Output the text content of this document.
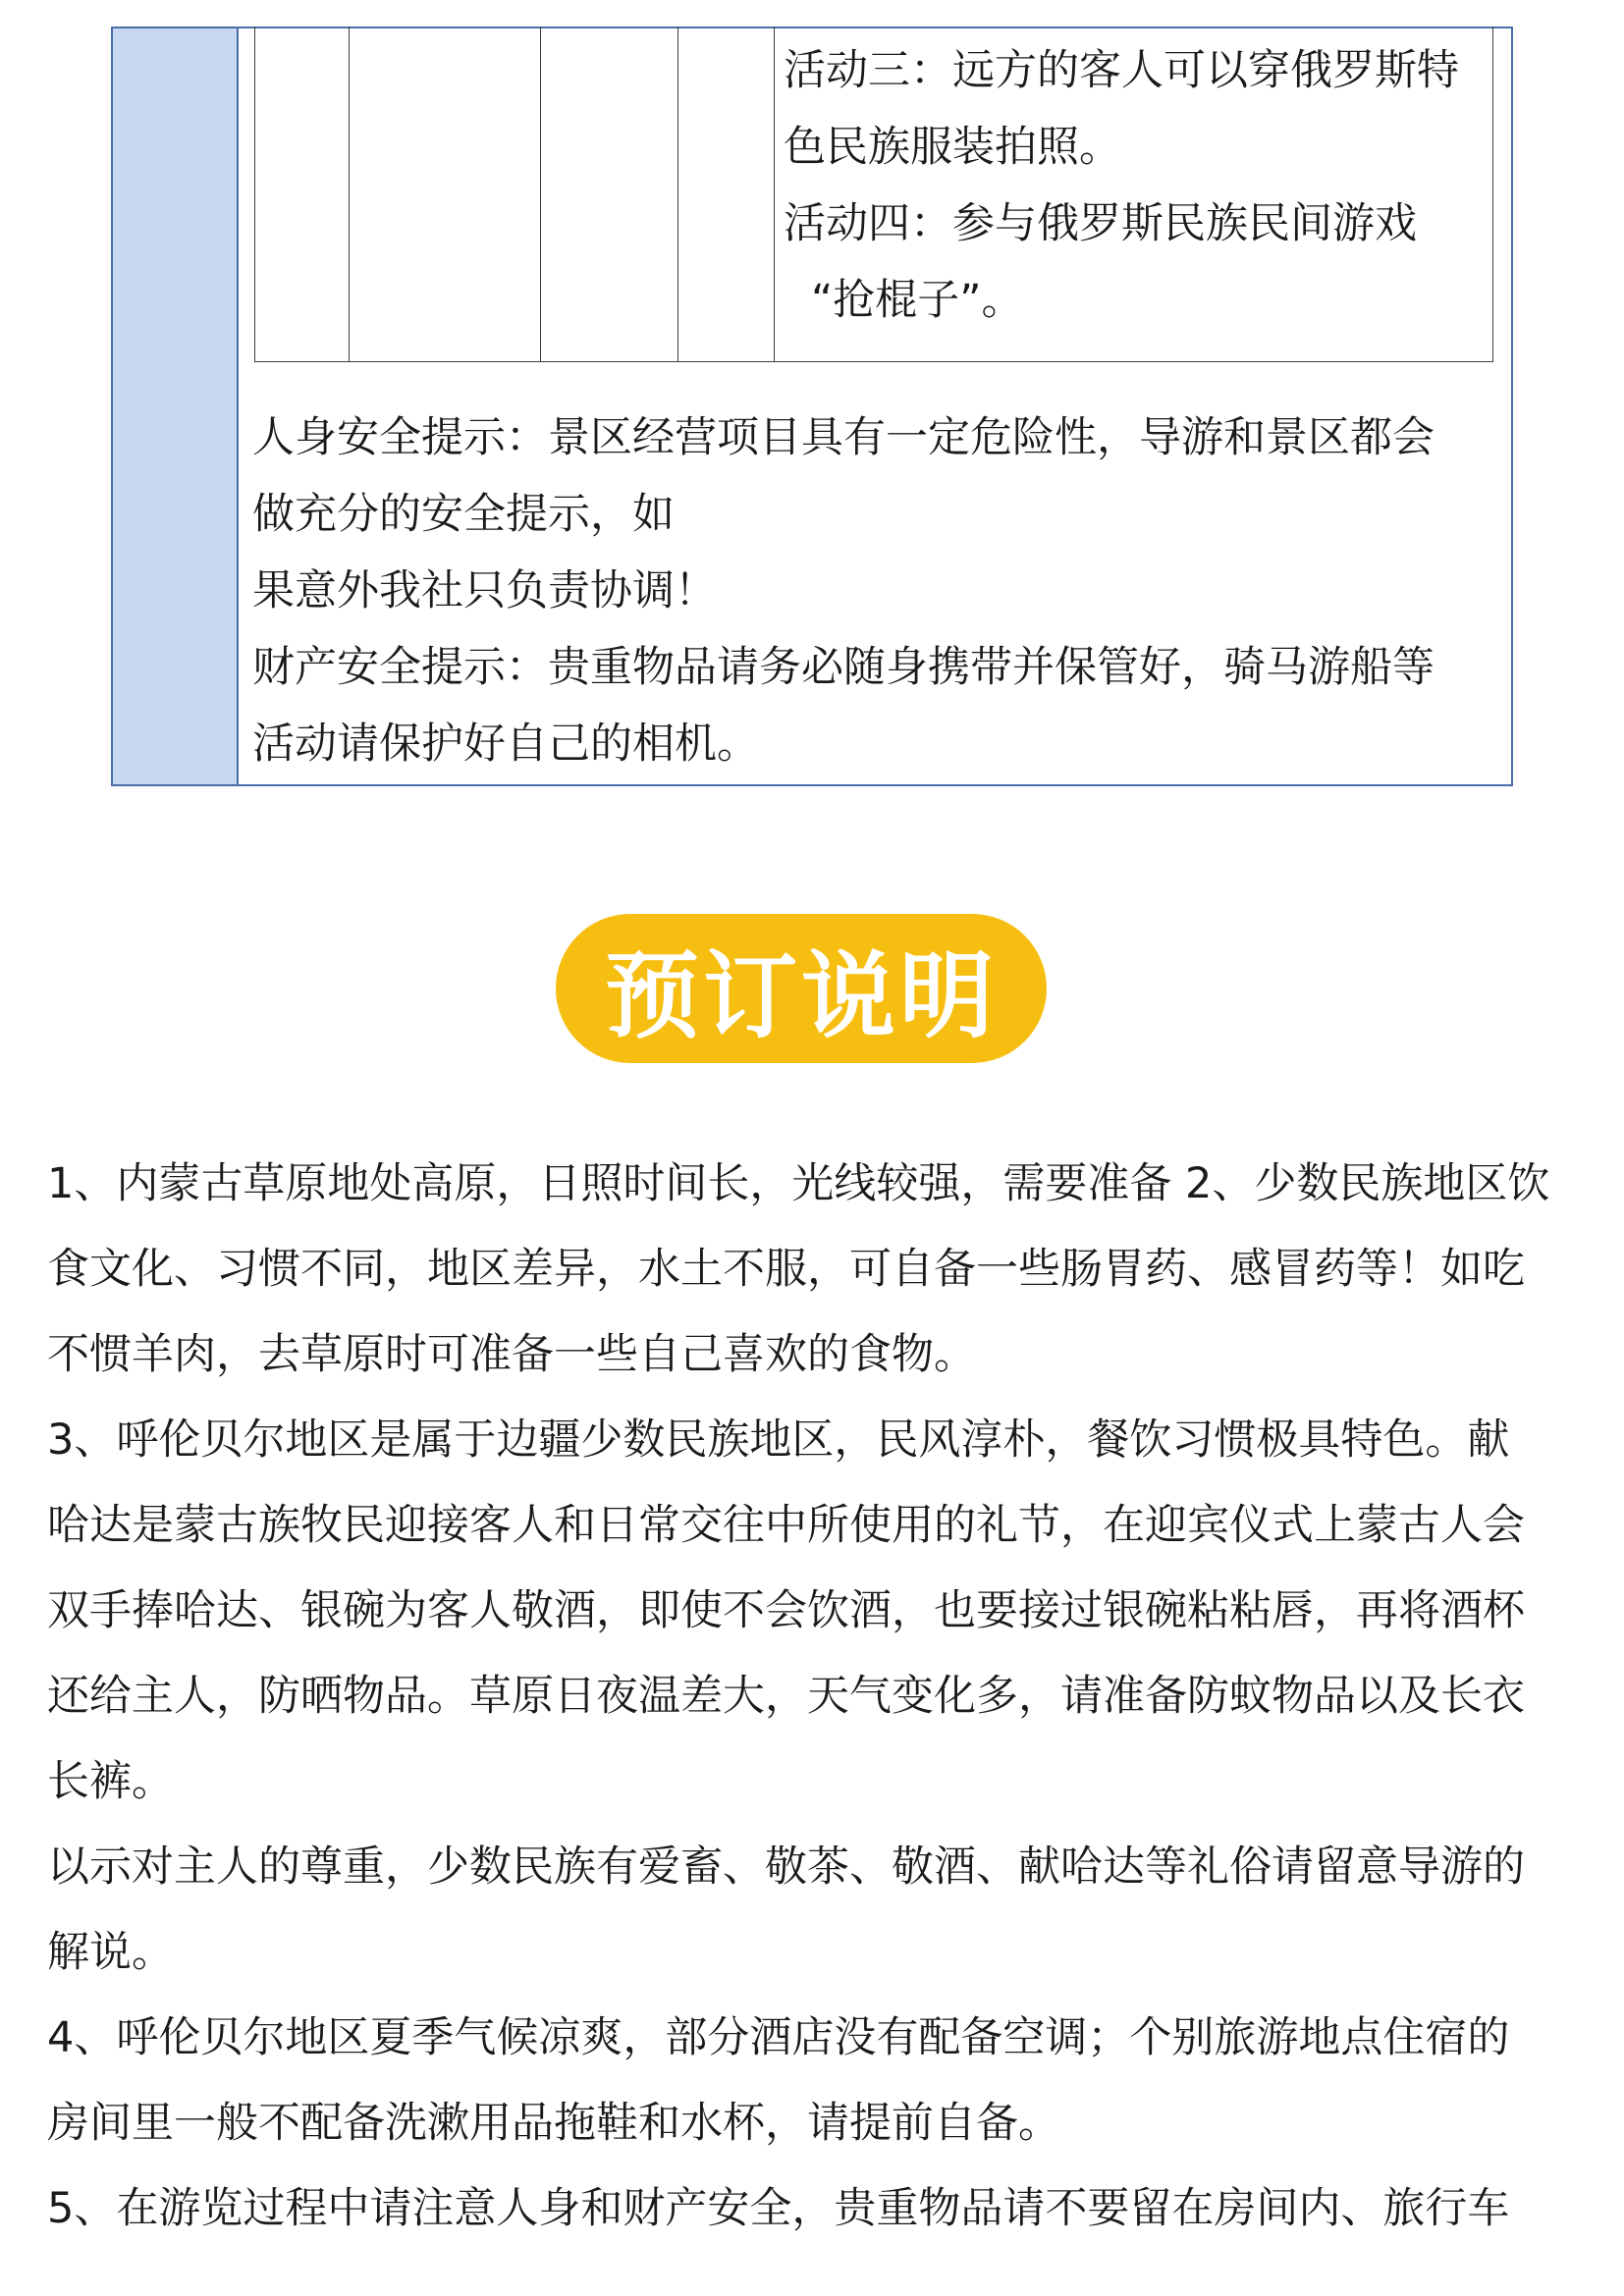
活动三：远方的客人可以穿俄罗斯特

色民族服装拍照。

活动四：参与俄罗斯民族民间游戏

“抢棍子”。

人身安全提示：景区经营项目具有一定危险性，导游和景区都会

做充分的安全提示，如

果意外我社只负责协调！

财产安全提示：贵重物品请务必随身携带并保管好，骑马游船等

活动请保护好自己的相机。

预订说明

1、内蒙古草原地处高原，日照时间长，光线较强，需要准备 2、少数民族地区饮

食文化、习惯不同，地区差异，水土不服，可自备一些肠胃药、感冒药等！如吃

不惯羊肉，去草原时可准备一些自己喜欢的食物。

3、呼伦贝尔地区是属于边疆少数民族地区，民风淳朴，餐饮习惯极具特色。献

哈达是蒙古族牧民迎接客人和日常交往中所使用的礼节，在迎宾仪式上蒙古人会

双手捧哈达、银碗为客人敬酒，即使不会饮酒，也要接过银碗粘粘唇，再将酒杯

还给主人，防晒物品。草原日夜温差大，天气变化多，请准备防蚊物品以及长衣

长裤。

以示对主人的尊重，少数民族有爱畜、敬茶、敬酒、献哈达等礼俗请留意导游的

解说。

4、呼伦贝尔地区夏季气候凉爽，部分酒店没有配备空调；个别旅游地点住宿的

房间里一般不配备洗漱用品拖鞋和水杯，请提前自备。

5、在游览过程中请注意人身和财产安全，贵重物品请不要留在房间内、旅行车
